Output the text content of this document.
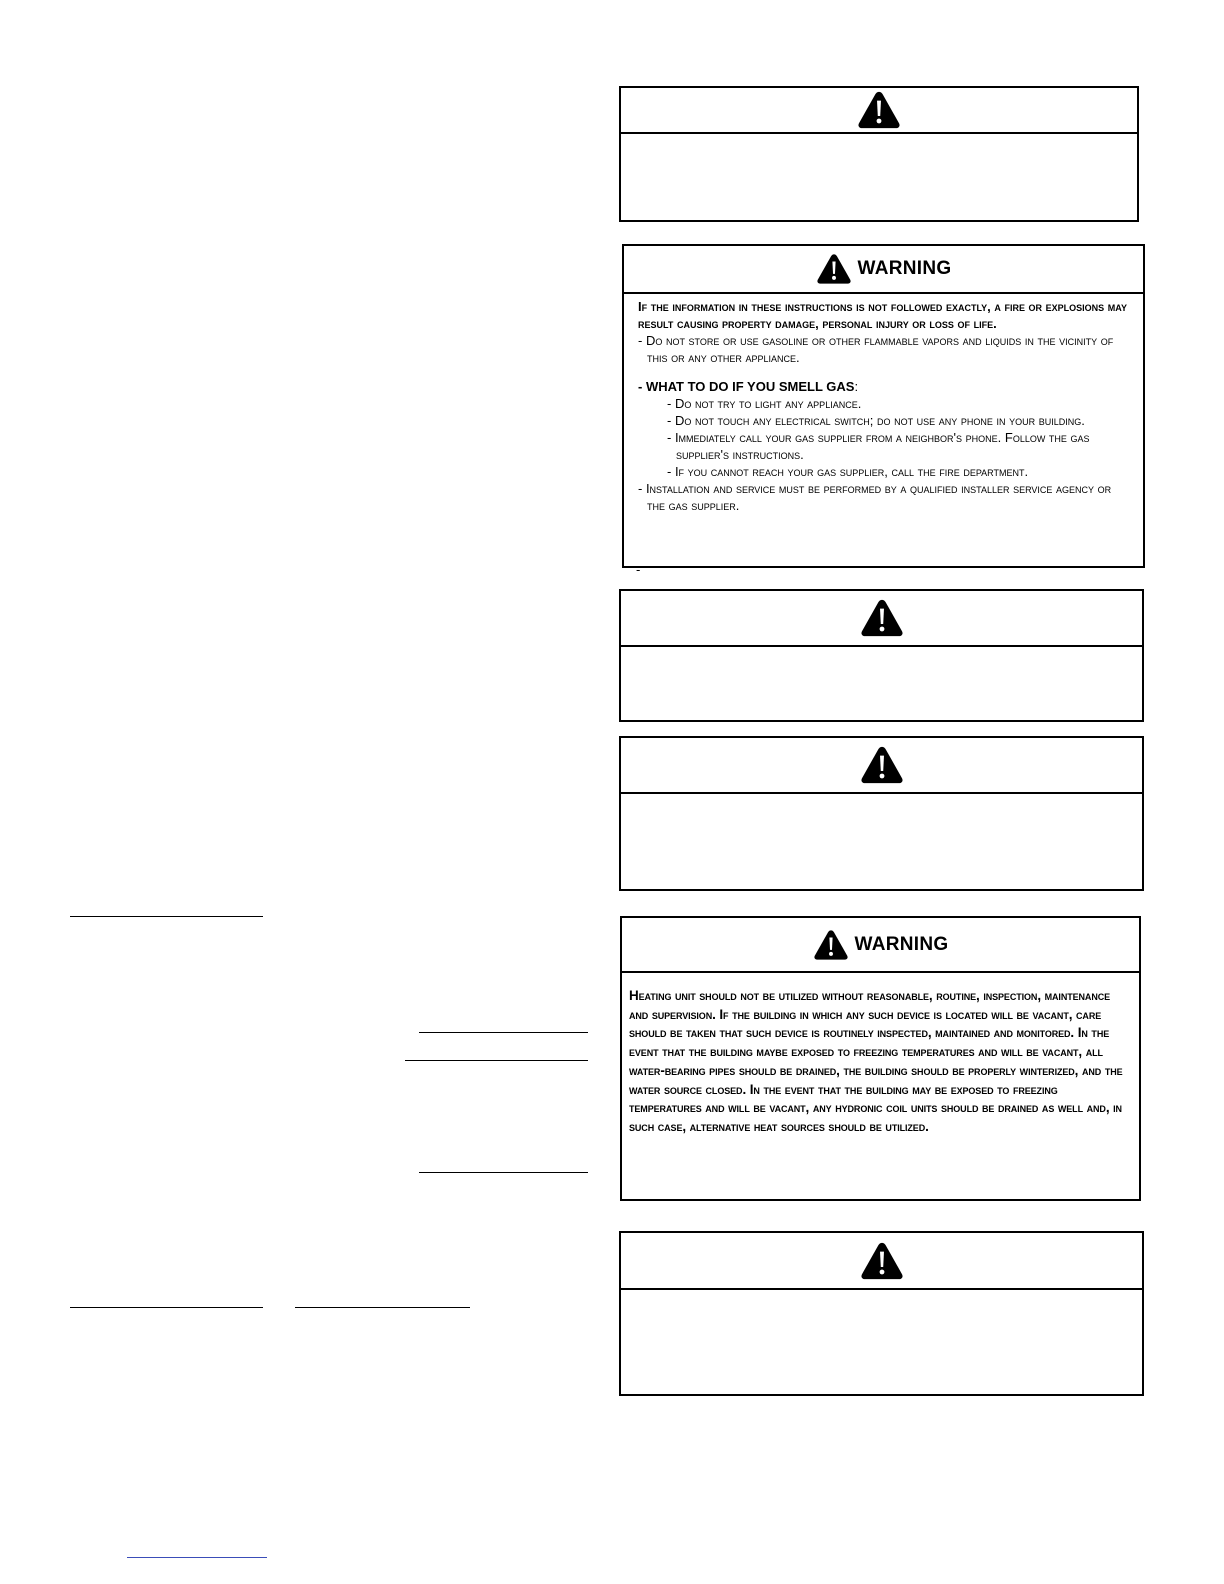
WARNING
If the information in these instructions is not followed exactly, a fire or explosions may result causing property damage, personal injury or loss of life.
- Do not store or use gasoline or other flammable vapors and liquids in the vicinity of this or any other appliance.
- WHAT TO DO IF YOU SMELL GAS:
- Do not try to light any appliance.
- Do not touch any electrical switch; do not use any phone in your building.
- Immediately call your gas supplier from a neighbor's phone. Follow the gas supplier's instructions.
- If you cannot reach your gas supplier, call the fire department.
- Installation and service must be performed by a qualified installer service agency or the gas supplier.
-
WARNING

Heating unit should not be utilized without reasonable, routine, inspection, maintenance and supervision. If the building in which any such device is located will be vacant, care should be taken that such device is routinely inspected, maintained and monitored. In the event that the building maybe exposed to freezing temperatures and will be vacant, all water-bearing pipes should be drained, the building should be properly winterized, and the water source closed. In the event that the building may be exposed to freezing temperatures and will be vacant, any hydronic coil units should be drained as well and, in such case, alternative heat sources should be utilized.
